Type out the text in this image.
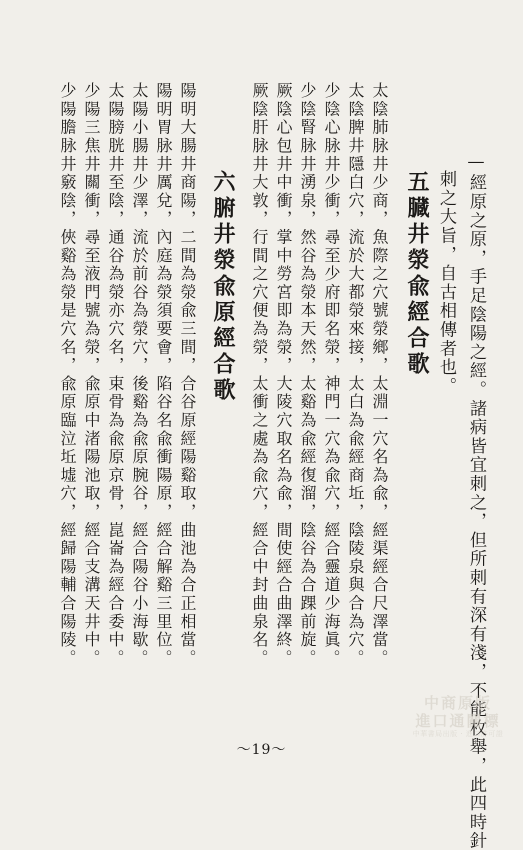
—經原之原，手足陰陽之經。諸病皆宜刺之，但所刺有深有淺，不能枚舉，此四時針
刺之大旨，自古相傳者也。
五臓井滎兪經合歌
太陰肺脉井少商，魚際之穴號滎鄉，太淵一穴名為兪，經渠經合尺澤當。
太陰脾井隱白穴，流於大都滎來接，太白為兪經商坵，陰陵泉與合為穴。
少陰心脉井少衝，尋至少府即名滎，神門一穴為兪穴，經合靈道少海眞。
少陰腎脉井湧泉，然谷為滎本天然，太谿為兪經復溜，陰谷為合踝前旋。
厥陰心包井中衝，掌中勞宮即為滎，大陵穴取名為兪，間使經合曲澤終。
厥陰肝脉井大敦，行間之穴便為滎，太衝之處為兪穴，經合中封曲泉名。
六腑井滎兪原經合歌
陽明大腸井商陽，二間為滎兪三間，合谷原經陽谿取，曲池為合正相當。
陽明胃脉井厲兌，內庭為滎須要會，陷谷名兪衝陽原，經合解谿三里位。
太陽小腸井少澤，流於前谷為滎穴，後谿為兪原腕谷，經合陽谷小海歇。
太陽膀胱井至陰，通谷為滎亦穴名，束骨為兪原京骨，崑崙為經合委中。
少陽三焦井關衝，尋至液門號為滎，兪原中渚陽池取，經合支溝天井中。
少陽膽脉井竅陰，俠谿為滎是穴名，兪原臨泣坵墟穴，經歸陽輔合陽陵。
～19～
中商原版
進口通關標
中華書局出版 · 進口許可證
